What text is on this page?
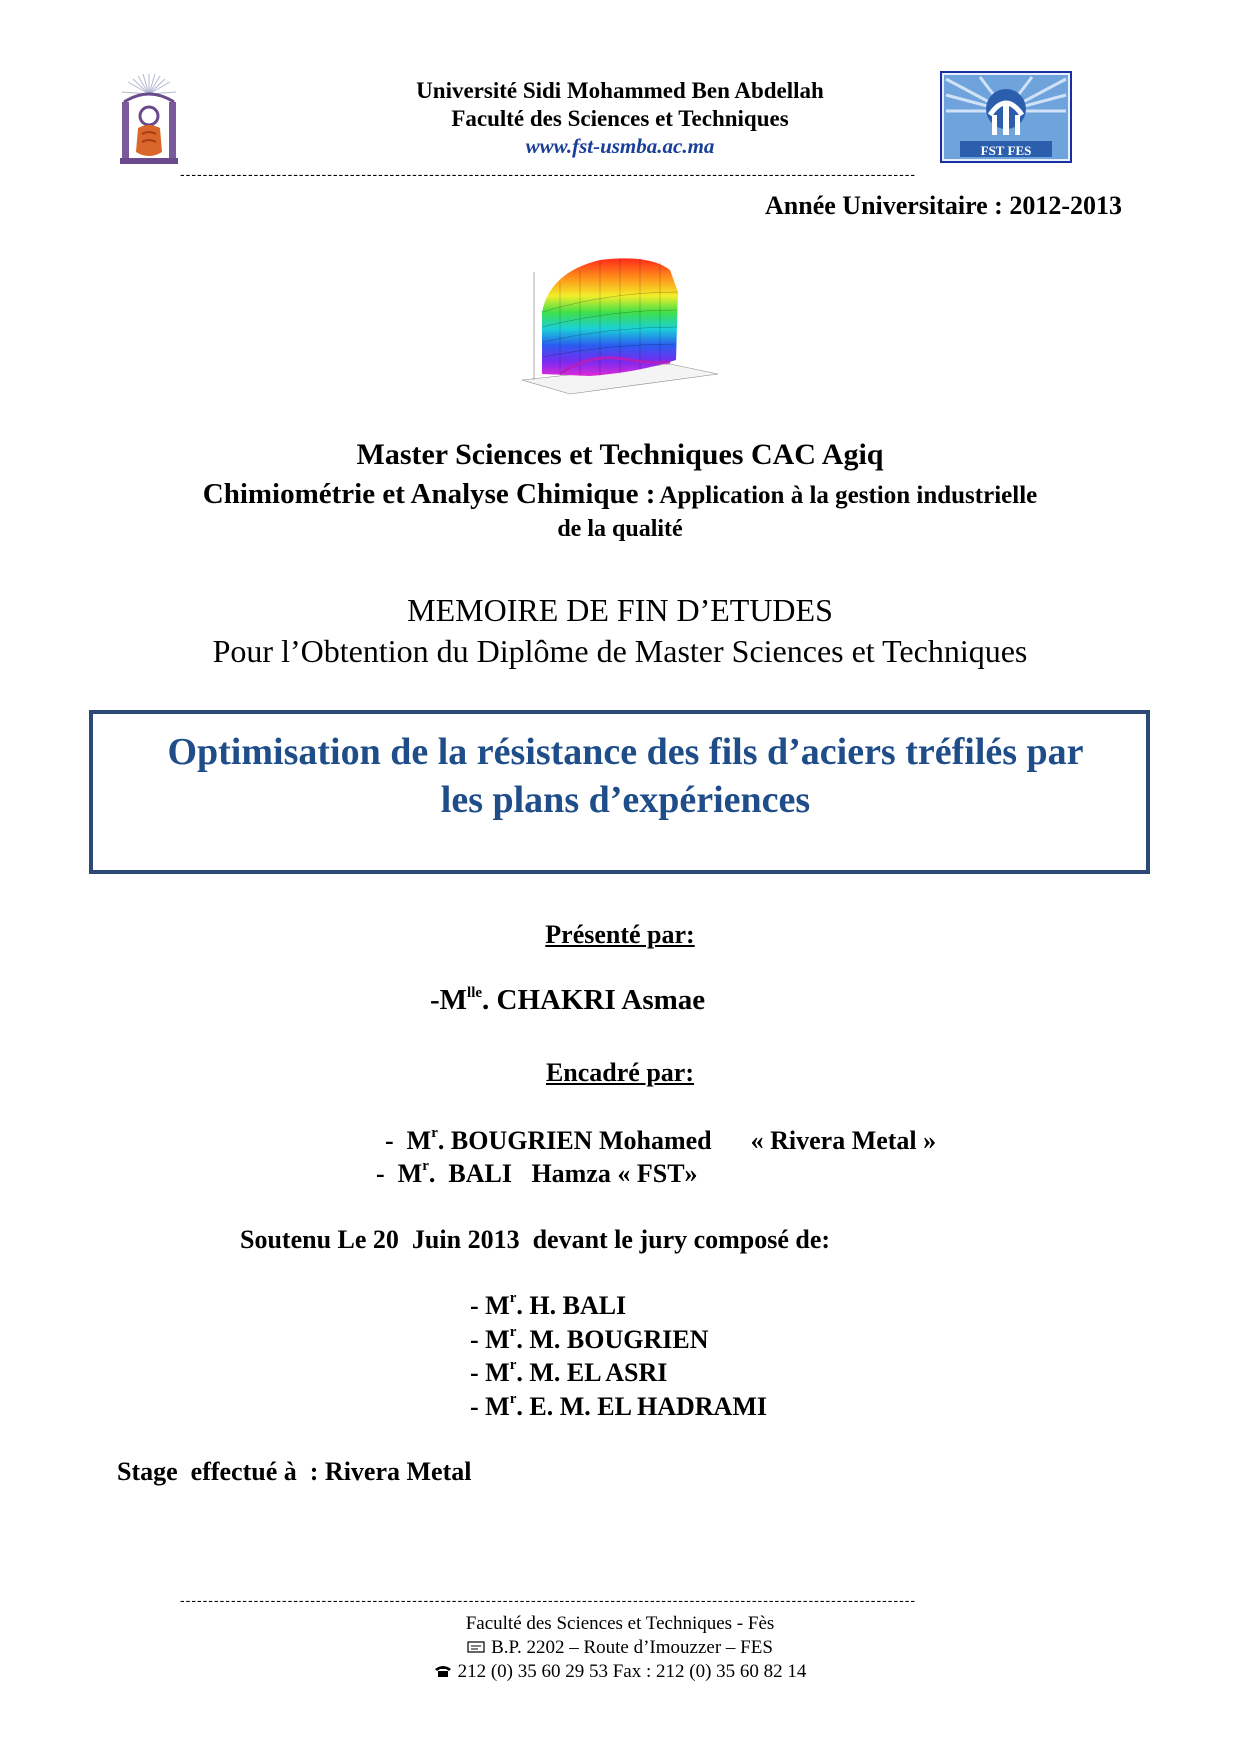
Université Sidi Mohammed Ben Abdellah
Faculté des Sciences et Techniques
www.fst-usmba.ac.ma	FST FES
----------------------------------------------------------------------------------------------------------------------------------
Année Universitaire : 2012-2013
Master Sciences et Techniques CAC Agiq
Chimiométrie et Analyse Chimique : Application à la gestion industrielle
de la qualité
MEMOIRE DE FIN D’ETUDES
Pour l’Obtention du Diplôme de Master Sciences et Techniques
Optimisation de la résistance des fils d’aciers tréfilés par
les plans d’expériences
Présenté par:
$-M^{lle}$. CHAKRI Asmae
Encadré par:
-  $M^r$. BOUGRIEN Mohamed      « Rivera Metal »
-  $M^r$.  BALI   Hamza « FST»
Soutenu Le 20  Juin 2013  devant le jury composé de:
- $M^r$. H. BALI
- $M^r$. M. BOUGRIEN
- $M^r$. M. EL ASRI
- $M^r$. E. M. EL HADRAMI
Stage  effectué à  : Rivera Metal
----------------------------------------------------------------------------------------------------------------------------------
Faculté des Sciences et Techniques - Fès
B.P. 2202 – Route d’Imouzzer – FES
212 (0) 35 60 29 53 Fax : 212 (0) 35 60 82 14
